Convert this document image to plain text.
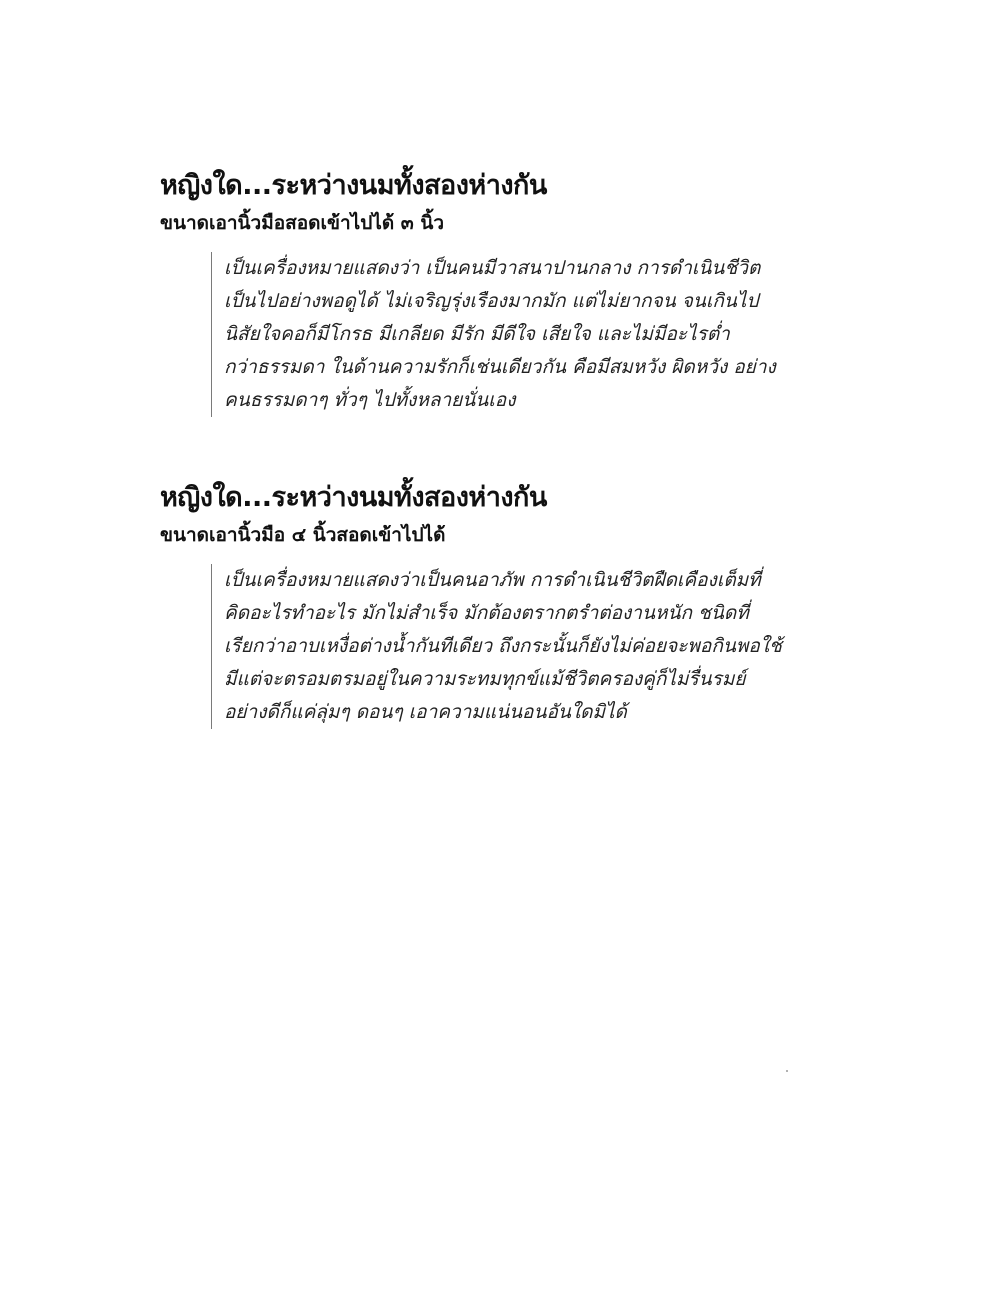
หญิงใด...ระหว่างนมทั้งสองห่างกัน
ขนาดเอานิ้วมือสอดเข้าไปได้ ๓ นิ้ว
เป็นเครื่องหมายแสดงว่า เป็นคนมีวาสนาปานกลาง การดำเนินชีวิต
เป็นไปอย่างพอดูได้ ไม่เจริญรุ่งเรืองมากมัก แต่ไม่ยากจน จนเกินไป
นิสัยใจคอก็มีโกรธ มีเกลียด มีรัก มีดีใจ เสียใจ และไม่มีอะไรต่ำ
กว่าธรรมดา ในด้านความรักก็เช่นเดียวกัน คือมีสมหวัง ผิดหวัง อย่าง
คนธรรมดาๆ ทั่วๆ ไปทั้งหลายนั่นเอง
หญิงใด...ระหว่างนมทั้งสองห่างกัน
ขนาดเอานิ้วมือ ๔ นิ้วสอดเข้าไปได้
เป็นเครื่องหมายแสดงว่าเป็นคนอาภัพ การดำเนินชีวิตฝืดเคืองเต็มที่
คิดอะไรทำอะไร มักไม่สำเร็จ มักต้องตรากตรำต่องานหนัก ชนิดที่
เรียกว่าอาบเหงื่อต่างน้ำกันทีเดียว ถึงกระนั้นก็ยังไม่ค่อยจะพอกินพอใช้
มีแต่จะตรอมตรมอยู่ในความระทมทุกข์แม้ชีวิตครองคู่ก็ไม่รื่นรมย์
อย่างดีก็แค่ลุ่มๆ ดอนๆ เอาความแน่นอนอันใดมิได้
